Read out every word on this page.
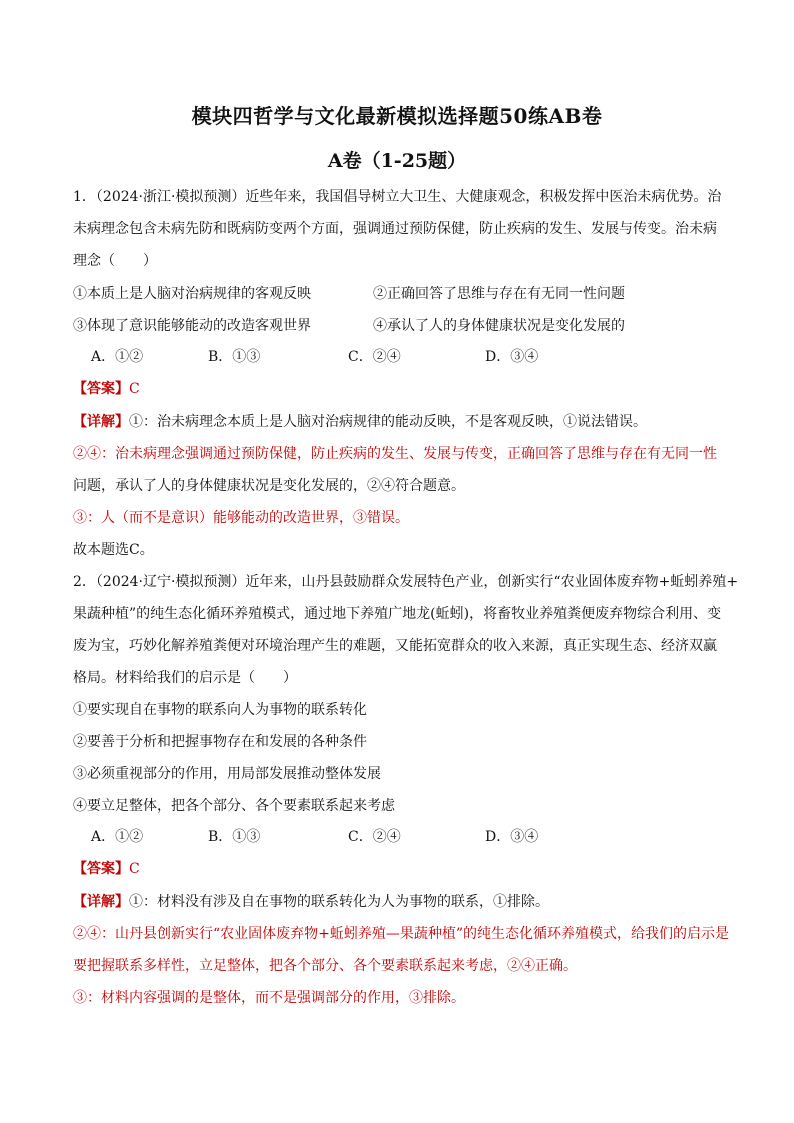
模块四哲学与文化最新模拟选择题50练AB卷
A卷（1-25题）
1．（2024·浙江·模拟预测）近些年来，我国倡导树立大卫生、大健康观念，积极发挥中医治未病优势。治
未病理念包含未病先防和既病防变两个方面，强调通过预防保健，防止疾病的发生、发展与传变。治未病
理念（　　）
①本质上是人脑对治病规律的客观反映	②正确回答了思维与存在有无同一性问题
③体现了意识能够能动的改造客观世界	④承认了人的身体健康状况是变化发展的
A．①②	B．①③	C．②④	D．③④
【答案】C
【详解】①：治未病理念本质上是人脑对治病规律的能动反映，不是客观反映，①说法错误。
②④：治未病理念强调通过预防保健，防止疾病的发生、发展与传变，正确回答了思维与存在有无同一性
问题，承认了人的身体健康状况是变化发展的，②④符合题意。
③：人（而不是意识）能够能动的改造世界，③错误。
故本题选C。
2．（2024·辽宁·模拟预测）近年来，山丹县鼓励群众发展特色产业，创新实行“农业固体废弃物+蚯蚓养殖+
果蔬种植”的纯生态化循环养殖模式，通过地下养殖广地龙(蚯蚓)，将畜牧业养殖粪便废弃物综合利用、变
废为宝，巧妙化解养殖粪便对环境治理产生的难题，又能拓宽群众的收入来源，真正实现生态、经济双赢
格局。材料给我们的启示是（　　）
①要实现自在事物的联系向人为事物的联系转化
②要善于分析和把握事物存在和发展的各种条件
③必须重视部分的作用，用局部发展推动整体发展
④要立足整体，把各个部分、各个要素联系起来考虑
A．①②	B．①③	C．②④	D．③④
【答案】C
【详解】①：材料没有涉及自在事物的联系转化为人为事物的联系，①排除。
②④：山丹县创新实行“农业固体废弃物+蚯蚓养殖—果蔬种植”的纯生态化循环养殖模式，给我们的启示是
要把握联系多样性，立足整体，把各个部分、各个要素联系起来考虑，②④正确。
③：材料内容强调的是整体，而不是强调部分的作用，③排除。
